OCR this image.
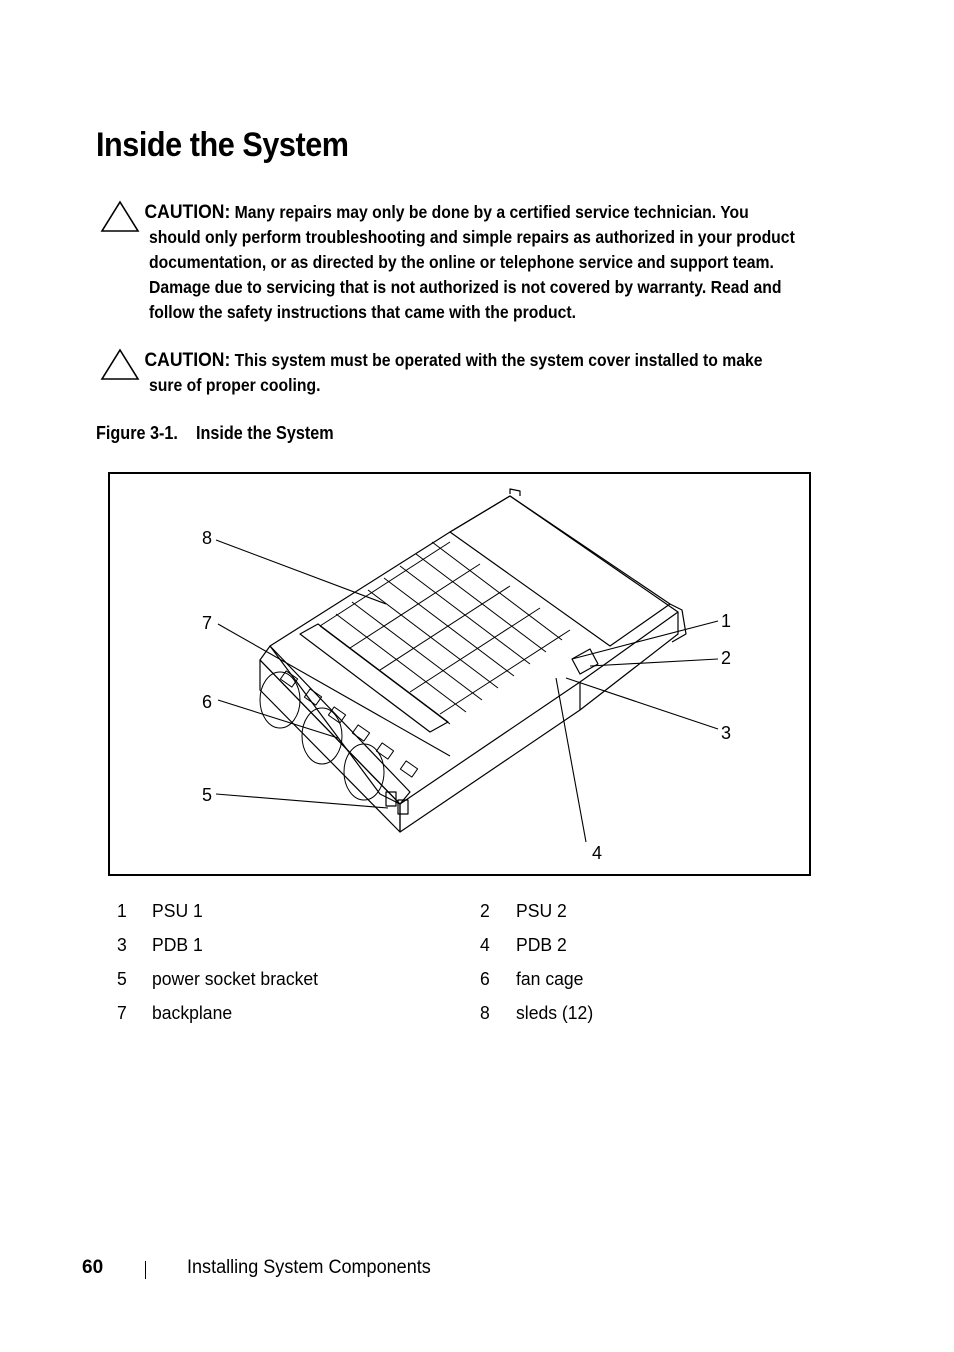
Inside the System
CAUTION: Many repairs may only be done by a certified service technician. You should only perform troubleshooting and simple repairs as authorized in your product documentation, or as directed by the online or telephone service and support team. Damage due to servicing that is not authorized is not covered by warranty. Read and follow the safety instructions that came with the product.
CAUTION: This system must be operated with the system cover installed to make sure of proper cooling.
Figure 3-1. Inside the System
8
7
6
5
1
2
3
4
1 PSU 1	2 PSU 2
3 PDB 1	4 PDB 2
5 power socket bracket	6 fan cage
7 backplane	8 sleds (12)
60	Installing System Components
